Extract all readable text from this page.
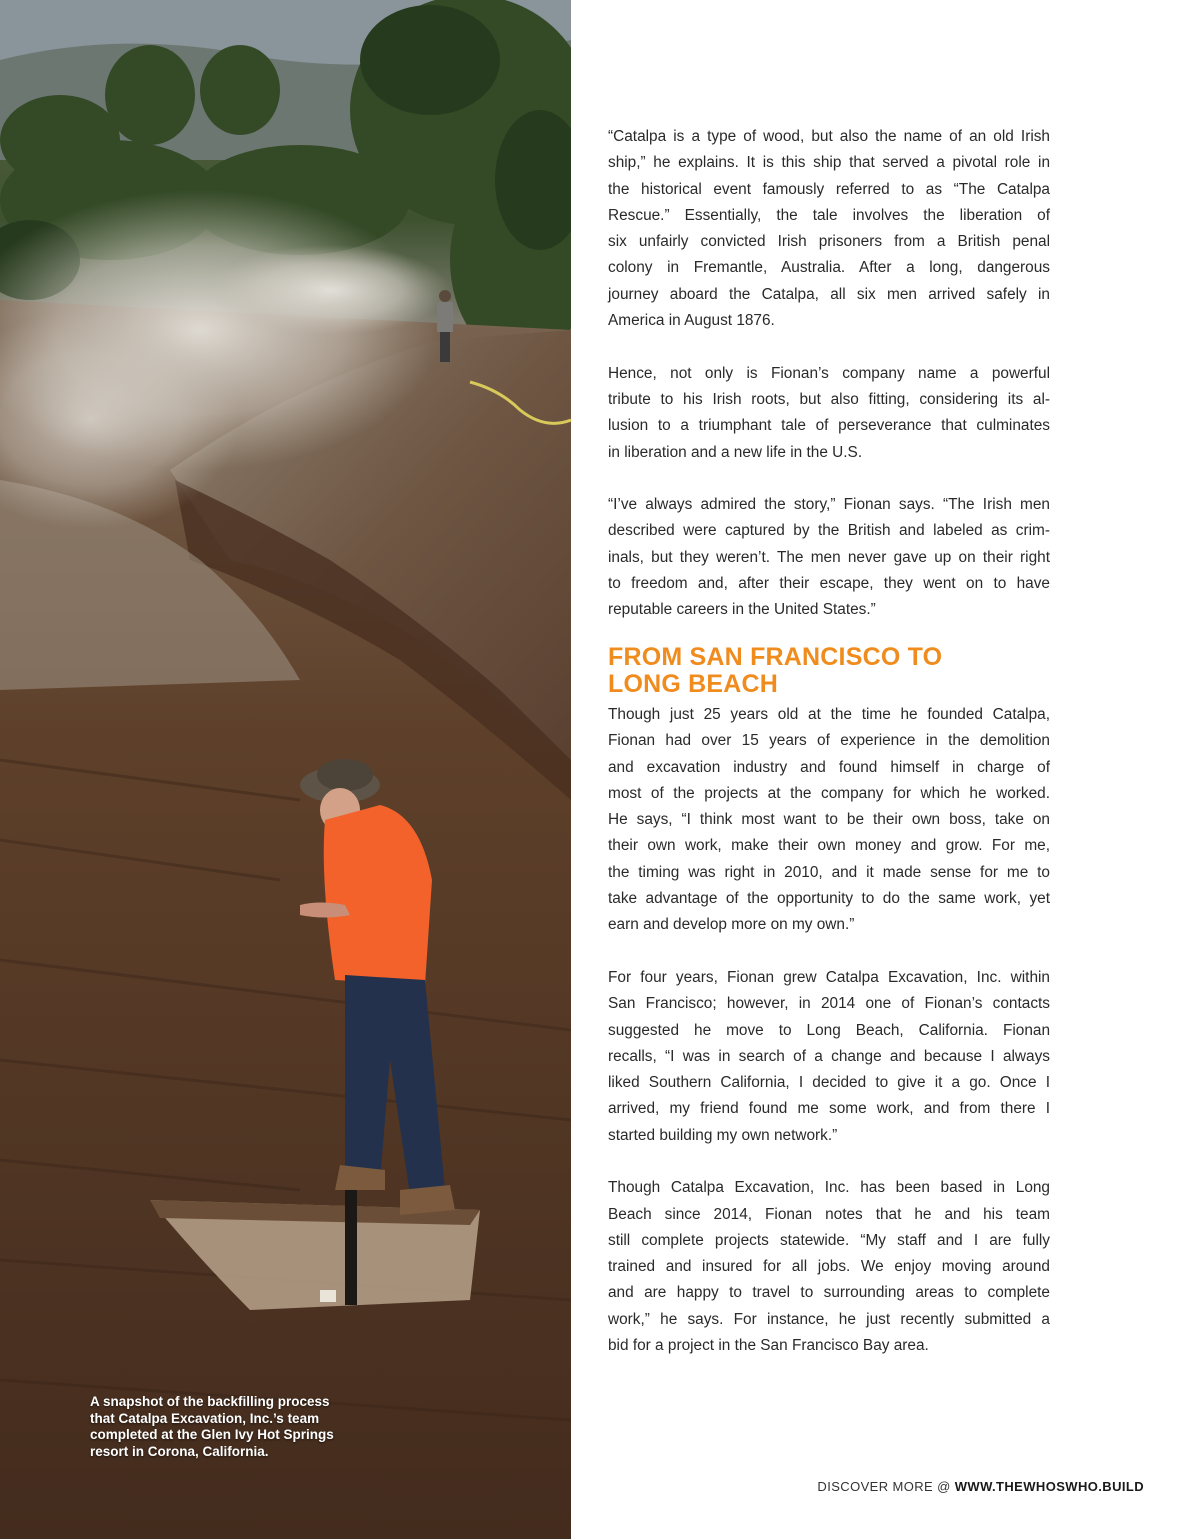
A snapshot of the backfilling process
that Catalpa Excavation, Inc.’s team
completed at the Glen Ivy Hot Springs
resort in Corona, California.
“Catalpa is a type of wood, but also the name of an old Irish
ship,” he explains. It is this ship that served a pivotal role in
the historical event famously referred to as “The Catalpa
Rescue.” Essentially, the tale involves the liberation of
six unfairly convicted Irish prisoners from a British penal
colony in Fremantle, Australia. After a long, dangerous
journey aboard the Catalpa, all six men arrived safely in
America in August 1876.
Hence, not only is Fionan’s company name a powerful
tribute to his Irish roots, but also fitting, considering its al-
lusion to a triumphant tale of perseverance that culminates
in liberation and a new life in the U.S.
“I’ve always admired the story,” Fionan says. “The Irish men
described were captured by the British and labeled as crim-
inals, but they weren’t. The men never gave up on their right
to freedom and, after their escape, they went on to have
reputable careers in the United States.”
FROM SAN FRANCISCO TO
LONG BEACH
Though just 25 years old at the time he founded Catalpa,
Fionan had over 15 years of experience in the demolition
and excavation industry and found himself in charge of
most of the projects at the company for which he worked.
He says, “I think most want to be their own boss, take on
their own work, make their own money and grow. For me,
the timing was right in 2010, and it made sense for me to
take advantage of the opportunity to do the same work, yet
earn and develop more on my own.”
For four years, Fionan grew Catalpa Excavation, Inc. within
San Francisco; however, in 2014 one of Fionan’s contacts
suggested he move to Long Beach, California. Fionan
recalls, “I was in search of a change and because I always
liked Southern California, I decided to give it a go. Once I
arrived, my friend found me some work, and from there I
started building my own network.”
Though Catalpa Excavation, Inc. has been based in Long
Beach since 2014, Fionan notes that he and his team
still complete projects statewide. “My staff and I are fully
trained and insured for all jobs. We enjoy moving around
and are happy to travel to surrounding areas to complete
work,” he says. For instance, he just recently submitted a
bid for a project in the San Francisco Bay area.
DISCOVER MORE @ WWW.THEWHOSWHO.BUILD
